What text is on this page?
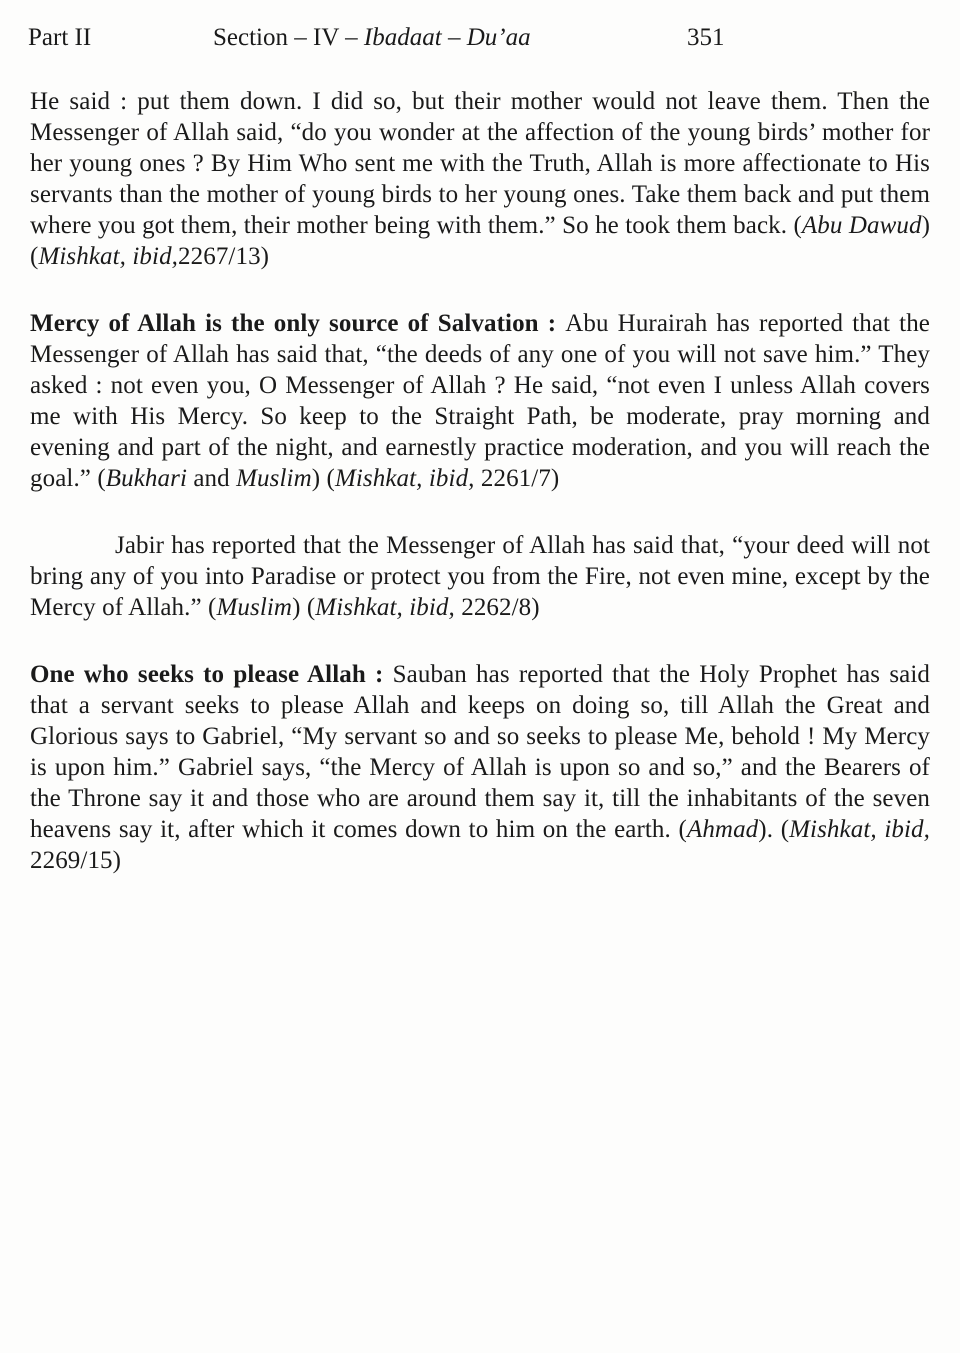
Part II	Section – IV – Ibadaat – Du’aa	351

He said : put them down. I did so, but their mother would not leave them. Then the Messenger of Allah said, “do you wonder at the affection of the young birds’ mother for her young ones ? By Him Who sent me with the Truth, Allah is more affectionate to His servants than the mother of young birds to her young ones. Take them back and put them where you got them, their mother being with them.” So he took them back. (Abu Dawud) (Mishkat, ibid,2267/13)

Mercy of Allah is the only source of Salvation : Abu Hurairah has reported that the Messenger of Allah has said that, “the deeds of any one of you will not save him.” They asked : not even you, O Messenger of Allah ? He said, “not even I unless Allah covers me with His Mercy. So keep to the Straight Path, be moderate, pray morning and evening and part of the night, and earnestly practice moderation, and you will reach the goal.” (Bukhari and Muslim) (Mishkat, ibid, 2261/7)

Jabir has reported that the Messenger of Allah has said that, “your deed will not bring any of you into Paradise or protect you from the Fire, not even mine, except by the Mercy of Allah.” (Muslim) (Mishkat, ibid, 2262/8)

One who seeks to please Allah : Sauban has reported that the Holy Prophet has said that a servant seeks to please Allah and keeps on doing so, till Allah the Great and Glorious says to Gabriel, “My servant so and so seeks to please Me, behold ! My Mercy is upon him.” Gabriel says, “the Mercy of Allah is upon so and so,” and the Bearers of the Throne say it and those who are around them say it, till the inhabitants of the seven heavens say it, after which it comes down to him on the earth. (Ahmad). (Mishkat, ibid, 2269/15)
